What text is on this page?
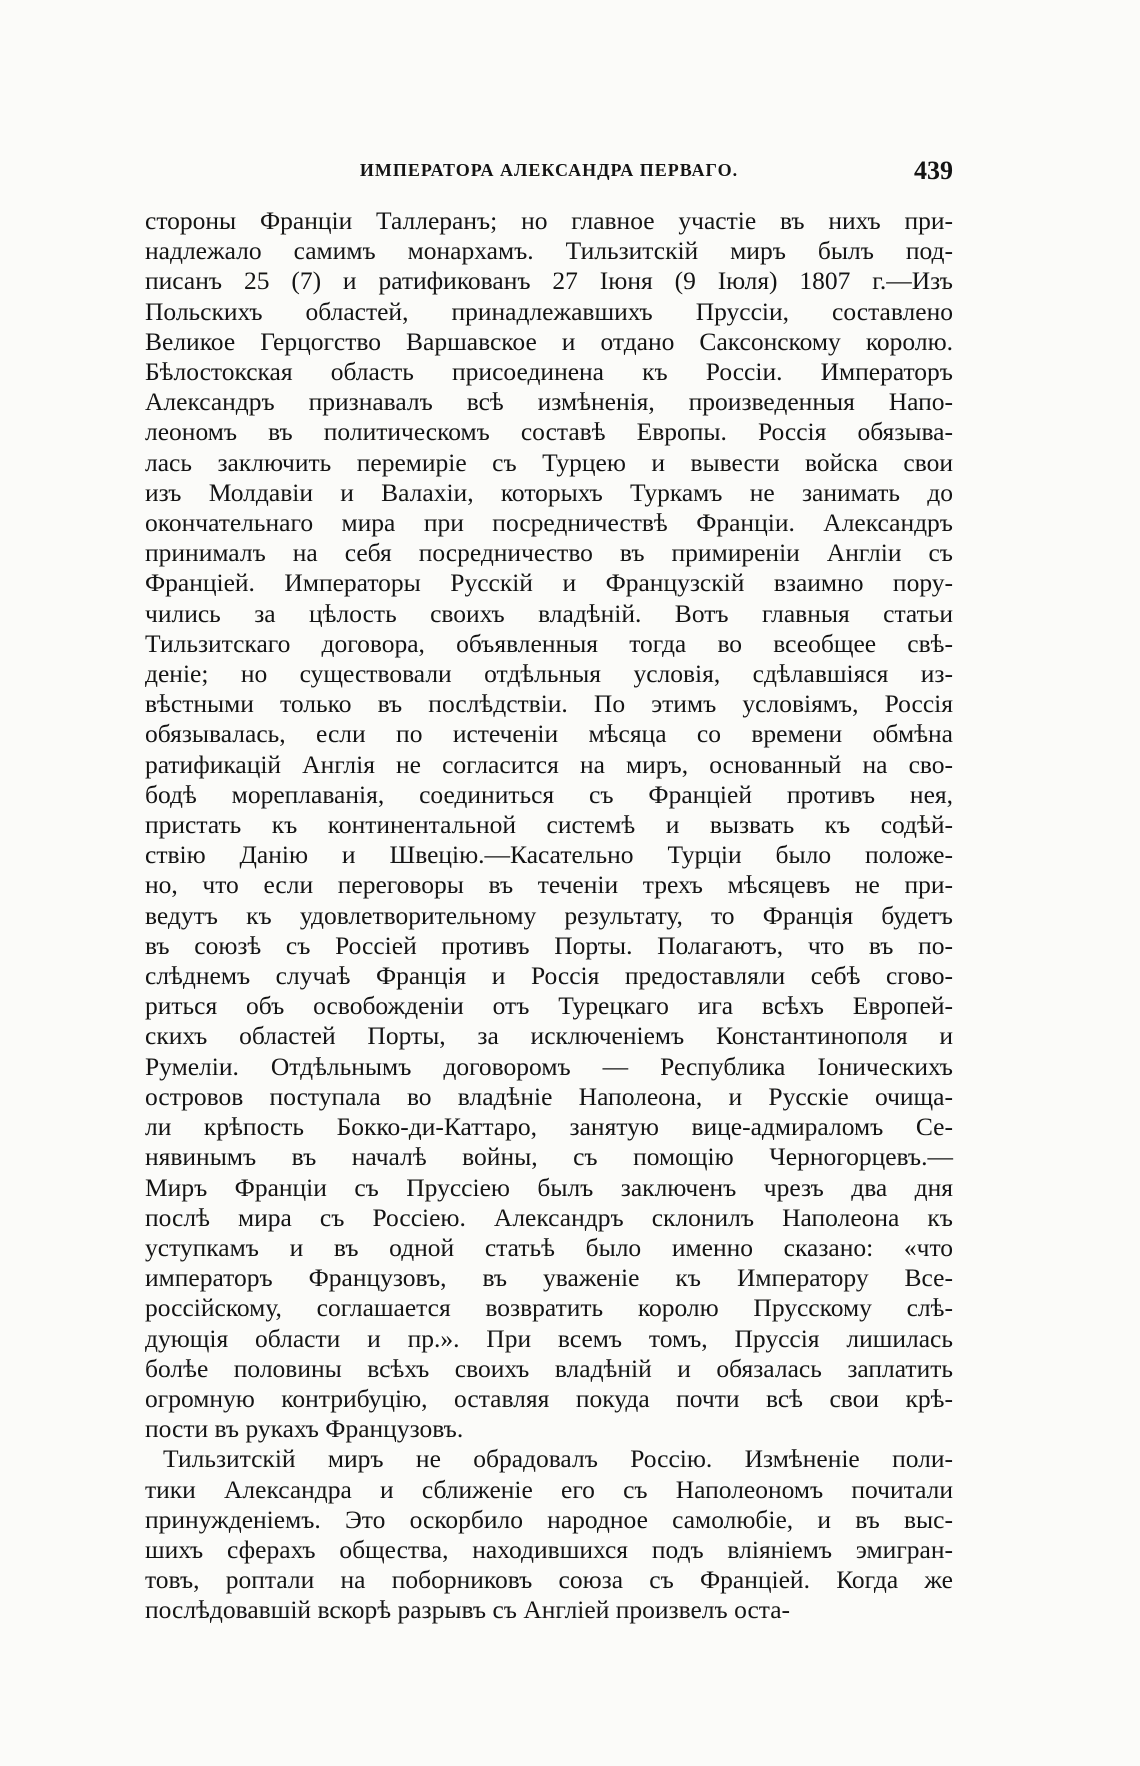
ИМПЕРАТОРА АЛЕКСАНДРА ПЕРВАГО.	439
стороны Франціи Таллеранъ; но главное участіе въ нихъ при-
надлежало самимъ монархамъ. Тильзитскій миръ былъ под-
писанъ 25 (7) и ратификованъ 27 Іюня (9 Іюля) 1807 г.—Изъ
Польскихъ областей, принадлежавшихъ Пруссіи, составлено
Великое Герцогство Варшавское и отдано Саксонскому королю.
Бѣлостокская область присоединена къ Россіи. Императоръ
Александръ признавалъ всѣ измѣненія, произведенныя Напо-
леономъ въ политическомъ составѣ Европы. Россія обязыва-
лась заключить перемиріе съ Турцею и вывести войска свои
изъ Молдавіи и Валахіи, которыхъ Туркамъ не занимать до
окончательнаго мира при посредничествѣ Франціи. Александръ
принималъ на себя посредничество въ примиреніи Англіи съ
Франціей. Императоры Русскій и Французскій взаимно пору-
чились за цѣлость своихъ владѣній. Вотъ главныя статьи
Тильзитскаго договора, объявленныя тогда во всеобщее свѣ-
деніе; но существовали отдѣльныя условія, сдѣлавшіяся из-
вѣстными только въ послѣдствіи. По этимъ условіямъ, Россія
обязывалась, если по истеченіи мѣсяца со времени обмѣна
ратификацій Англія не согласится на миръ, основанный на сво-
бодѣ мореплаванія, соединиться съ Франціей противъ нея,
пристать къ континентальной системѣ и вызвать къ содѣй-
ствію Данію и Швецію.—Касательно Турціи было положе-
но, что если переговоры въ теченіи трехъ мѣсяцевъ не при-
ведутъ къ удовлетворительному результату, то Франція будетъ
въ союзѣ съ Россіей противъ Порты. Полагаютъ, что въ по-
слѣднемъ случаѣ Франція и Россія предоставляли себѣ сгово-
риться объ освобожденіи отъ Турецкаго ига всѣхъ Европей-
скихъ областей Порты, за исключеніемъ Константинополя и
Румеліи. Отдѣльнымъ договоромъ — Республика Іоническихъ
островов поступала во владѣніе Наполеона, и Русскіе очища-
ли крѣпость Бокко-ди-Каттаро, занятую вице-адмираломъ Се-
нявинымъ въ началѣ войны, съ помощію Черногорцевъ.—
Миръ Франціи съ Пруссіею былъ заключенъ чрезъ два дня
послѣ мира съ Россіею. Александръ склонилъ Наполеона къ
уступкамъ и въ одной статьѣ было именно сказано: «что
императоръ Французовъ, въ уваженіе къ Императору Все-
россійскому, соглашается возвратить королю Прусскому слѣ-
дующія области и пр.». При всемъ томъ, Пруссія лишилась
болѣе половины всѣхъ своихъ владѣній и обязалась заплатить
огромную контрибуцію, оставляя покуда почти всѣ свои крѣ-
пости въ рукахъ Французовъ.
Тильзитскій миръ не обрадовалъ Россію. Измѣненіе поли-
тики Александра и сближеніе его съ Наполеономъ почитали
принужденіемъ. Это оскорбило народное самолюбіе, и въ выс-
шихъ сферахъ общества, находившихся подъ вліяніемъ эмигран-
товъ, роптали на поборниковъ союза съ Франціей. Когда же
послѣдовавшій вскорѣ разрывъ съ Англіей произвелъ оста-
